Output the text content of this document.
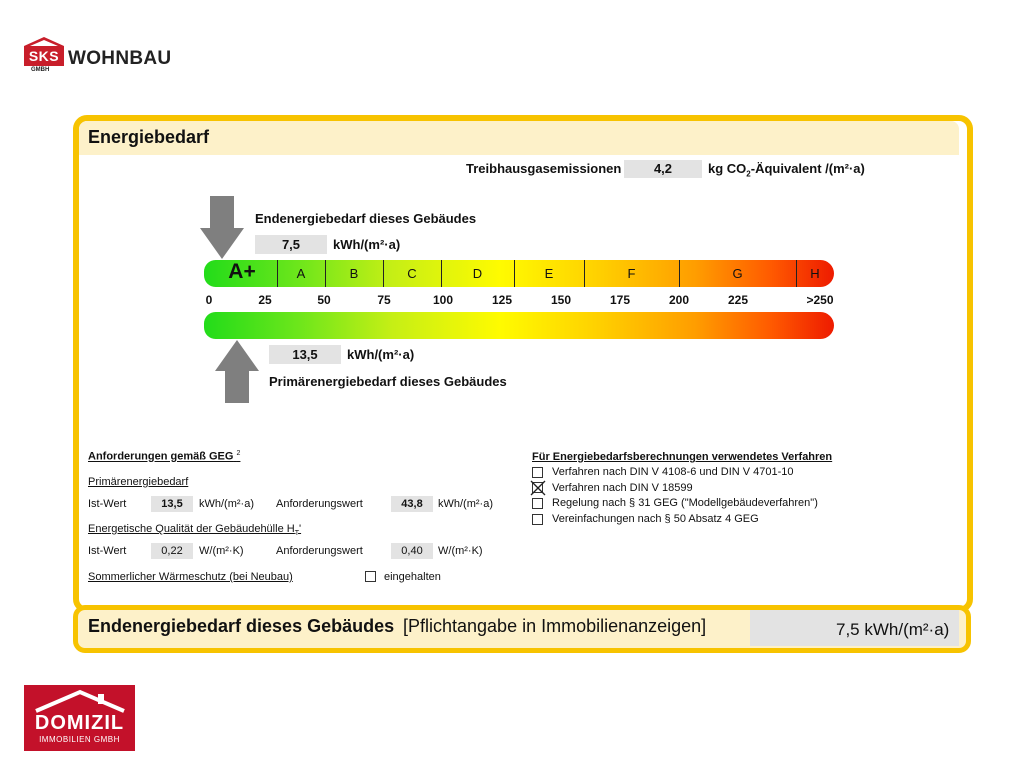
SKS
GMBH
WOHNBAU
Energiebedarf
Treibhausgasemissionen	4,2	kg $CO_2$-Äquivalent /(m²·a)
Endenergiebedarf dieses Gebäudes
7,5	kWh/(m²·a)
A+	A	B	C	D	E	F	G	H
0	25	50	75	100	125	150	175	200	225	>250
13,5	kWh/(m²·a)
Primärenergiebedarf dieses Gebäudes
Anforderungen gemäß GEG $^2$
Primärenergiebedarf
Ist-Wert	13,5	kWh/(m²·a) Anforderungswert	43,8	kWh/(m²·a)
Energetische Qualität der Gebäudehülle $H_T'$
Ist-Wert	0,22	W/(m²·K)	Anforderungswert	0,40	W/(m²·K)
Sommerlicher Wärmeschutz (bei Neubau)	eingehalten
Für Energiebedarfsberechnungen verwendetes Verfahren
Verfahren nach DIN V 4108-6 und DIN V 4701-10
Verfahren nach DIN V 18599
Regelung nach § 31 GEG ("Modellgebäudeverfahren")
Vereinfachungen nach § 50 Absatz 4 GEG
Endenergiebedarf dieses Gebäudes [Pflichtangabe in Immobilienanzeigen]	7,5 kWh/(m²·a)
DOMIZIL
IMMOBILIEN GMBH
